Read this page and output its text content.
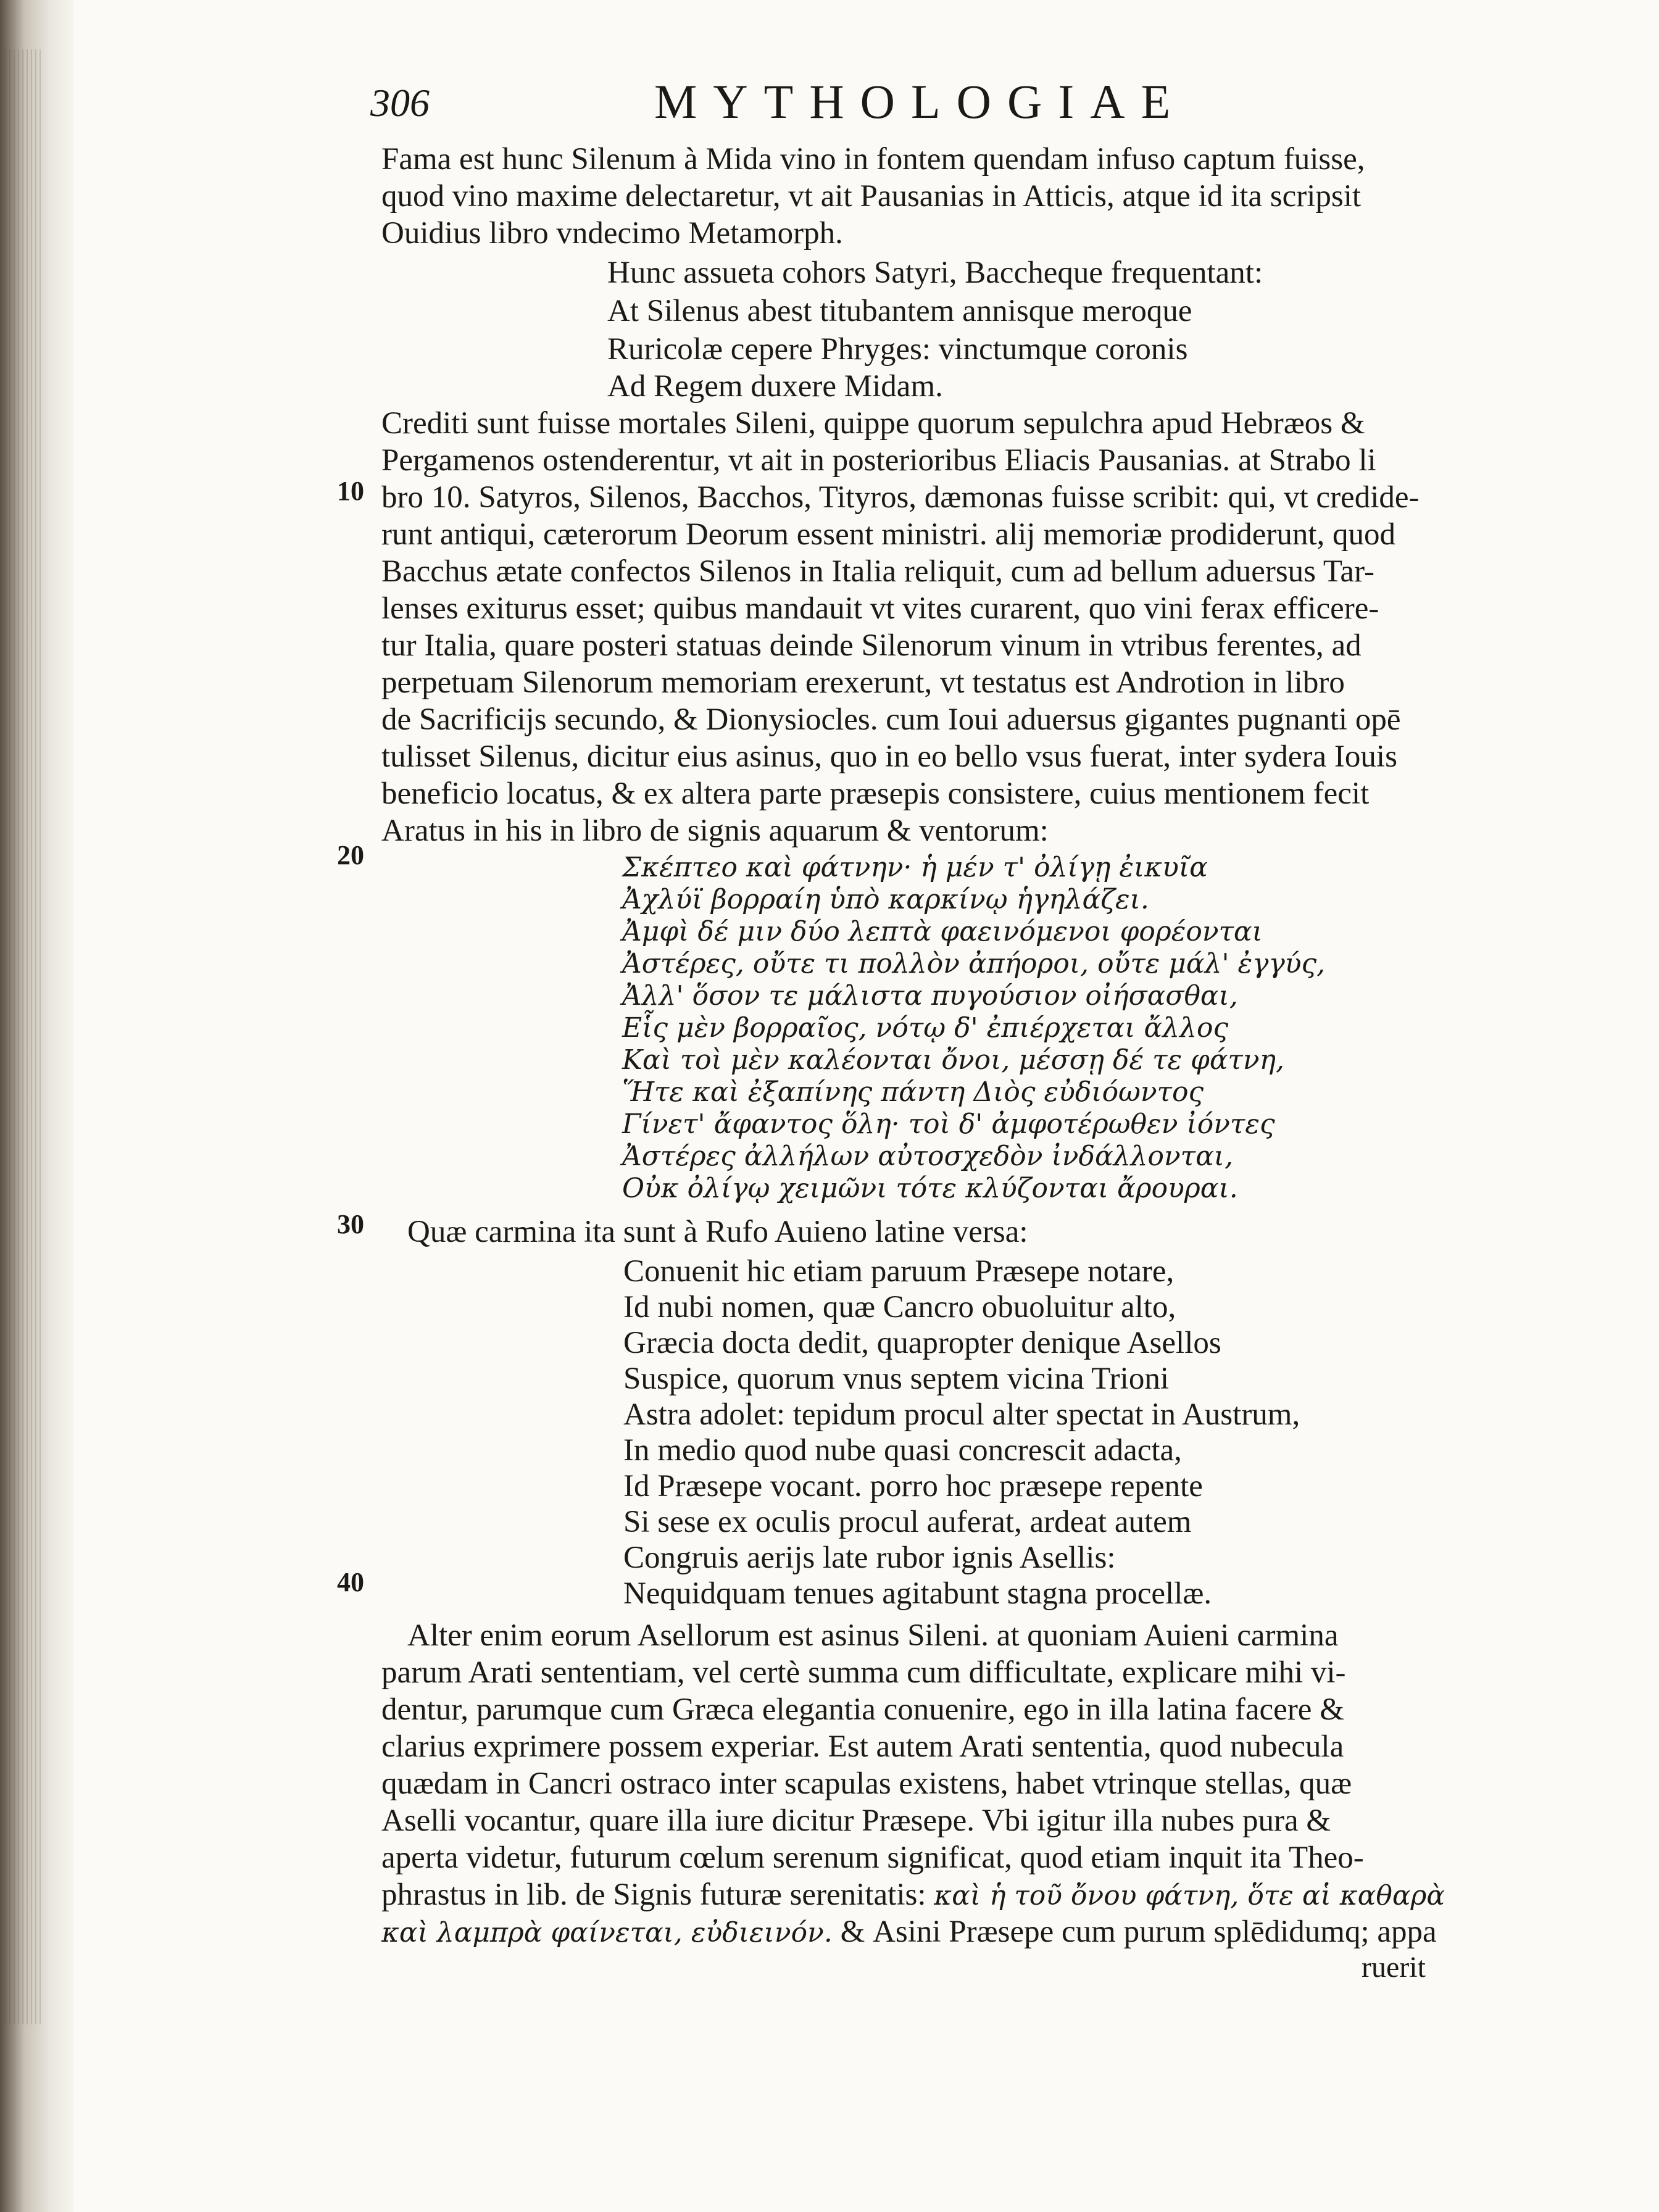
306	MYTHOLOGIAE
10
20
30
40
Fama est hunc Silenum à Mida vino in fontem quendam infuso captum fuisse,
quod vino maxime delectaretur, vt ait Pausanias in Atticis, atque id ita scripsit
Ouidius libro vndecimo Metamorph.
Hunc assueta cohors Satyri, Baccheque frequentant:
At Silenus abest titubantem annisque meroque
Ruricolæ cepere Phryges: vinctumque coronis
Ad Regem duxere Midam.
Crediti sunt fuisse mortales Sileni, quippe quorum sepulchra apud Hebræos &
Pergamenos ostenderentur, vt ait in posterioribus Eliacis Pausanias. at Strabo li
bro 10. Satyros, Silenos, Bacchos, Tityros, dæmonas fuisse scribit: qui, vt credide-
runt antiqui, cæterorum Deorum essent ministri. alij memoriæ prodiderunt, quod
Bacchus ætate confectos Silenos in Italia reliquit, cum ad bellum aduersus Tar-
lenses exiturus esset; quibus mandauit vt vites curarent, quo vini ferax efficere-
tur Italia, quare posteri statuas deinde Silenorum vinum in vtribus ferentes, ad
perpetuam Silenorum memoriam erexerunt, vt testatus est Androtion in libro
de Sacrificijs secundo, & Dionysiocles. cum Ioui aduersus gigantes pugnanti opē
tulisset Silenus, dicitur eius asinus, quo in eo bello vsus fuerat, inter sydera Iouis
beneficio locatus, & ex altera parte præsepis consistere, cuius mentionem fecit
Aratus in his in libro de signis aquarum & ventorum:
Σκέπτεο καὶ φάτνην· ἡ μέν τ' ὀλίγῃ ἐικυῖα
Ἀχλύϊ βορραίη ὑπὸ καρκίνῳ ἡγηλάζει.
Ἀμφὶ δέ μιν δύο λεπτὰ φαεινόμενοι φορέονται
Ἀστέρες, οὔτε τι πολλὸν ἀπήοροι, οὔτε μάλ' ἐγγύς,
Ἀλλ' ὅσον τε μάλιστα πυγούσιον οἰήσασθαι,
Εἷς μὲν βορραῖος, νότῳ δ' ἐπιέρχεται ἄλλος
Καὶ τοὶ μὲν καλέονται ὄνοι, μέσσῃ δέ τε φάτνη,
Ἥτε καὶ ἐξαπίνης πάντη Διὸς εὐδιόωντος
Γίνετ' ἄφαντος ὅλη· τοὶ δ' ἀμφοτέρωθεν ἰόντες
Ἀστέρες ἀλλήλων αὐτοσχεδὸν ἰνδάλλονται,
Οὐκ ὀλίγῳ χειμῶνι τότε κλύζονται ἄρουραι.
Quæ carmina ita sunt à Rufo Auieno latine versa:
Conuenit hic etiam paruum Præsepe notare,
Id nubi nomen, quæ Cancro obuoluitur alto,
Græcia docta dedit, quapropter denique Asellos
Suspice, quorum vnus septem vicina Trioni
Astra adolet: tepidum procul alter spectat in Austrum,
In medio quod nube quasi concrescit adacta,
Id Præsepe vocant. porro hoc præsepe repente
Si sese ex oculis procul auferat, ardeat autem
Congruis aerijs late rubor ignis Asellis:
Nequidquam tenues agitabunt stagna procellæ.
Alter enim eorum Asellorum est asinus Sileni. at quoniam Auieni carmina
parum Arati sententiam, vel certè summa cum difficultate, explicare mihi vi-
dentur, parumque cum Græca elegantia conuenire, ego in illa latina facere &
clarius exprimere possem experiar. Est autem Arati sententia, quod nubecula
quædam in Cancri ostraco inter scapulas existens, habet vtrinque stellas, quæ
Aselli vocantur, quare illa iure dicitur Præsepe. Vbi igitur illa nubes pura &
aperta videtur, futurum cœlum serenum significat, quod etiam inquit ita Theo-
phrastus in lib. de Signis futuræ serenitatis: καὶ ἡ τοῦ ὄνου φάτνη, ὅτε αἱ καθαρὰ
καὶ λαμπρὰ φαίνεται, εὐδιεινόν. & Asini Præsepe cum purum splēdidumq; appa
ruerit
